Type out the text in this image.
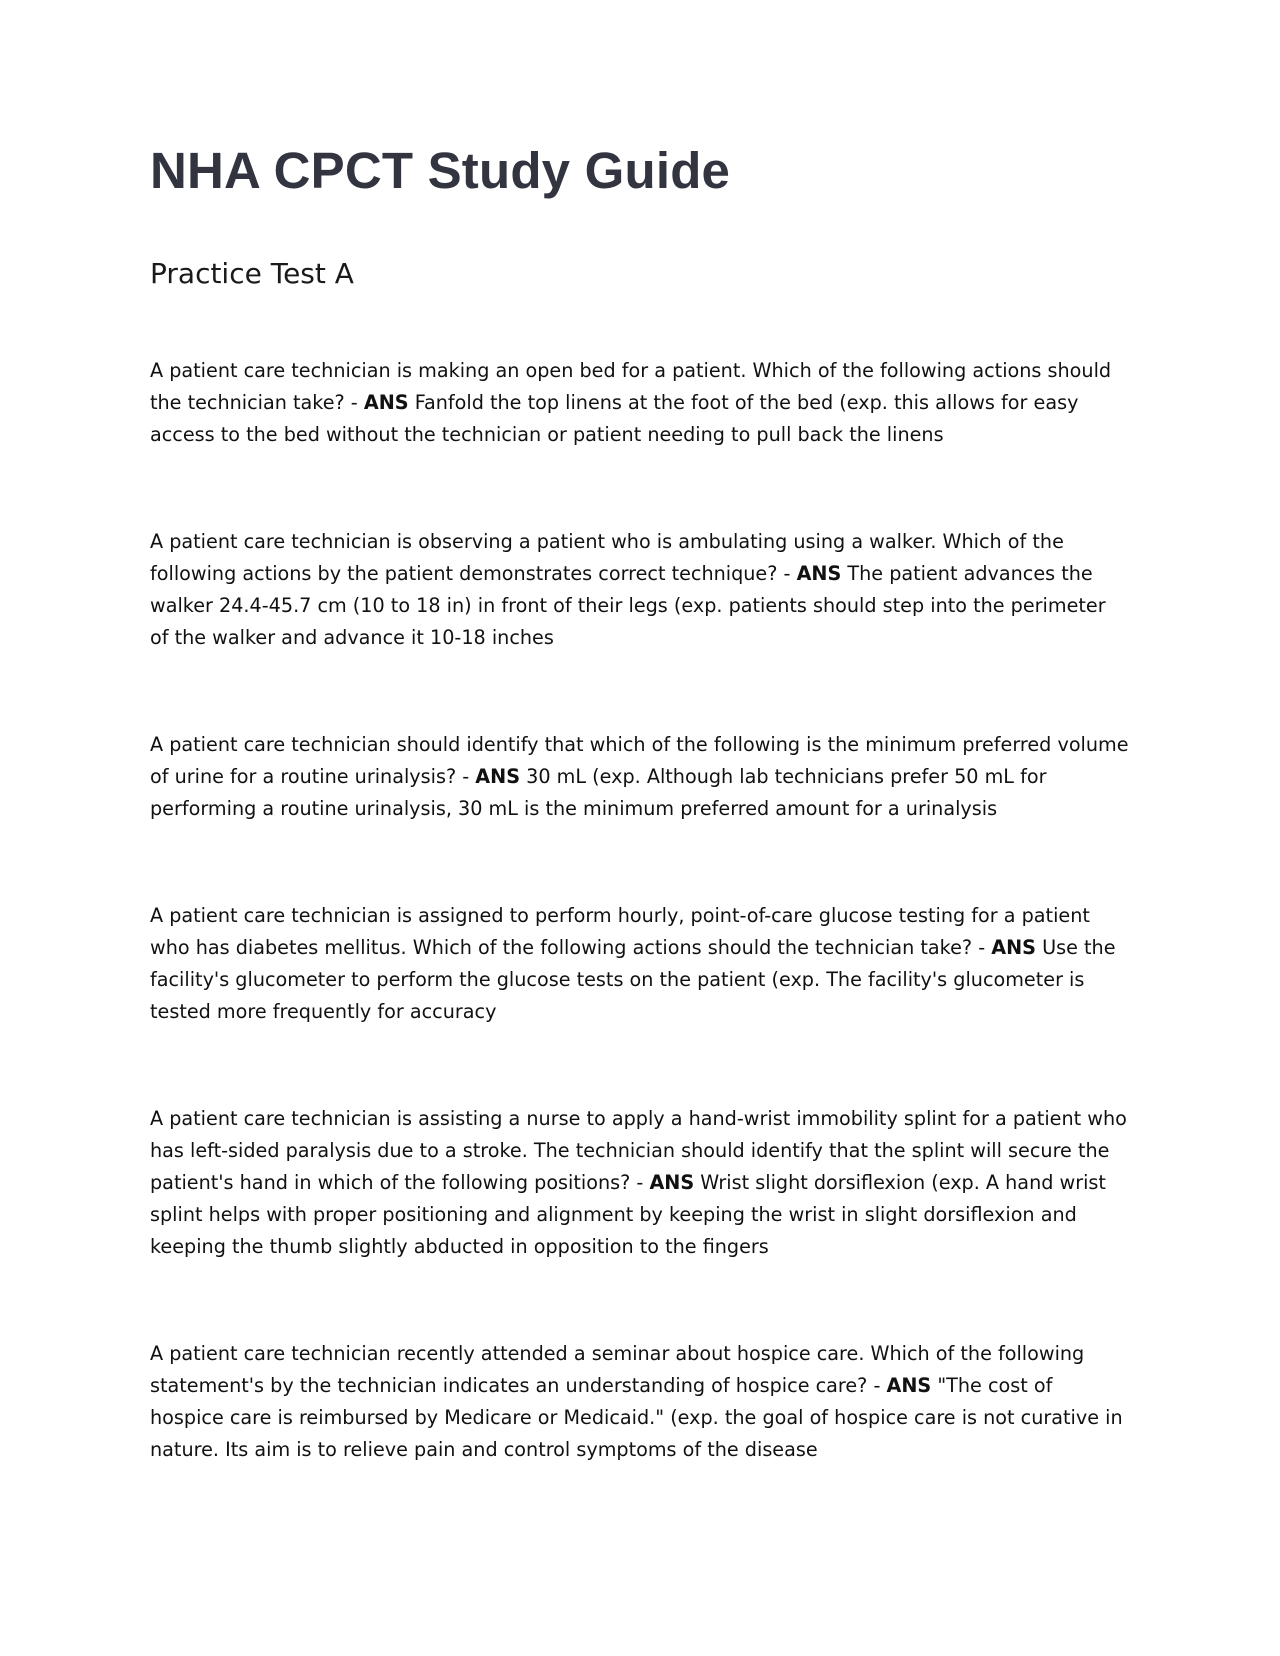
NHA CPCT Study Guide
Practice Test A

A patient care technician is making an open bed for a patient. Which of the following actions should the technician take? - ANS Fanfold the top linens at the foot of the bed (exp. this allows for easy access to the bed without the technician or patient needing to pull back the linens

A patient care technician is observing a patient who is ambulating using a walker. Which of the following actions by the patient demonstrates correct technique? - ANS The patient advances the walker 24.4-45.7 cm (10 to 18 in) in front of their legs (exp. patients should step into the perimeter of the walker and advance it 10-18 inches

A patient care technician should identify that which of the following is the minimum preferred volume of urine for a routine urinalysis? - ANS 30 mL (exp. Although lab technicians prefer 50 mL for performing a routine urinalysis, 30 mL is the minimum preferred amount for a urinalysis

A patient care technician is assigned to perform hourly, point-of-care glucose testing for a patient who has diabetes mellitus. Which of the following actions should the technician take? - ANS Use the facility's glucometer to perform the glucose tests on the patient (exp. The facility's glucometer is tested more frequently for accuracy

A patient care technician is assisting a nurse to apply a hand-wrist immobility splint for a patient who has left-sided paralysis due to a stroke. The technician should identify that the splint will secure the patient's hand in which of the following positions? - ANS Wrist slight dorsiflexion (exp. A hand wrist splint helps with proper positioning and alignment by keeping the wrist in slight dorsiflexion and keeping the thumb slightly abducted in opposition to the fingers

A patient care technician recently attended a seminar about hospice care. Which of the following statement's by the technician indicates an understanding of hospice care? - ANS "The cost of hospice care is reimbursed by Medicare or Medicaid." (exp. the goal of hospice care is not curative in nature. Its aim is to relieve pain and control symptoms of the disease
